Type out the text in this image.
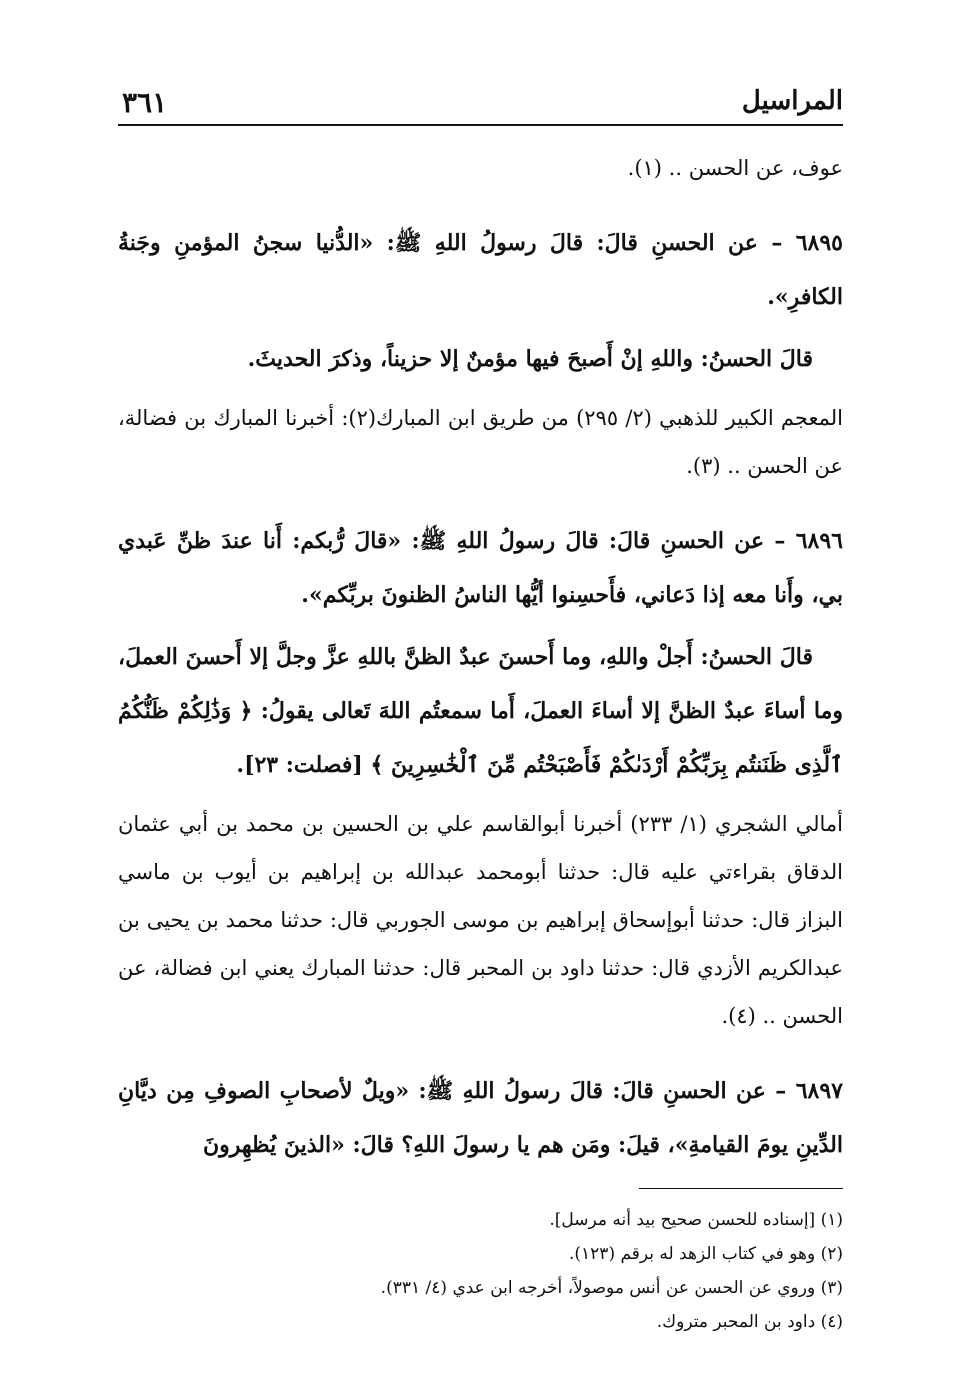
المراسيل
٣٦١

عوف، عن الحسن .. (١).

٦٨٩٥ – عن الحسنِ قالَ: قالَ رسولُ اللهِ ﷺ: «الدُّنيا سجنُ المؤمنِ وجَنةُ الكافرِ».

قالَ الحسنُ: واللهِ إنْ أَصبحَ فيها مؤمنٌ إلا حزيناً، وذكرَ الحديثَ.

المعجم الكبير للذهبي (٢/ ٢٩٥) من طريق ابن المبارك(٢): أخبرنا المبارك بن فضالة، عن الحسن .. (٣).

٦٨٩٦ – عن الحسنِ قالَ: قالَ رسولُ اللهِ ﷺ: «قالَ رُّبكم: أَنا عندَ ظنِّ عَبدي بي، وأَنا معه إذا دَعاني، فأَحسِنوا أيُّها الناسُ الظنونَ بربِّكم».

قالَ الحسنُ: أَجلْ واللهِ، وما أَحسنَ عبدٌ الظنَّ باللهِ عزَّ وجلَّ إلا أَحسنَ العملَ، وما أساءَ عبدٌ الظنَّ إلا أساءَ العملَ، أَما سمعتُم اللهَ تَعالى يقولُ: ﴿ وَذَٰلِكُمْ ظَنُّكُمُ ٱلَّذِى ظَنَنتُم بِرَبِّكُمْ أَرْدَىٰكُمْ فَأَصْبَحْتُم مِّنَ ٱلْخَٰسِرِينَ ﴾ [فصلت: ٢٣].

أمالي الشجري (١/ ٢٣٣) أخبرنا أبوالقاسم علي بن الحسين بن محمد بن أبي عثمان الدقاق بقراءتي عليه قال: حدثنا أبومحمد عبدالله بن إبراهيم بن أيوب بن ماسي البزاز قال: حدثنا أبوإسحاق إبراهيم بن موسى الجوربي قال: حدثنا محمد بن يحيى بن عبدالكريم الأزدي قال: حدثنا داود بن المحبر قال: حدثنا المبارك يعني ابن فضالة، عن الحسن .. (٤).

٦٨٩٧ – عن الحسنِ قالَ: قالَ رسولُ اللهِ ﷺ: «ويلٌ لأصحابِ الصوفِ مِن ديَّانِ الدِّينِ يومَ القيامةِ»، قيلَ: ومَن هم يا رسولَ اللهِ؟ قالَ: «الذينَ يُظهِرونَ

(١) [إسناده للحسن صحيح بيد أنه مرسل].

(٢) وهو في كتاب الزهد له برقم (١٢٣).

(٣) وروي عن الحسن عن أنس موصولاً، أخرجه ابن عدي (٤/ ٣٣١).

(٤) داود بن المحبر متروك.
